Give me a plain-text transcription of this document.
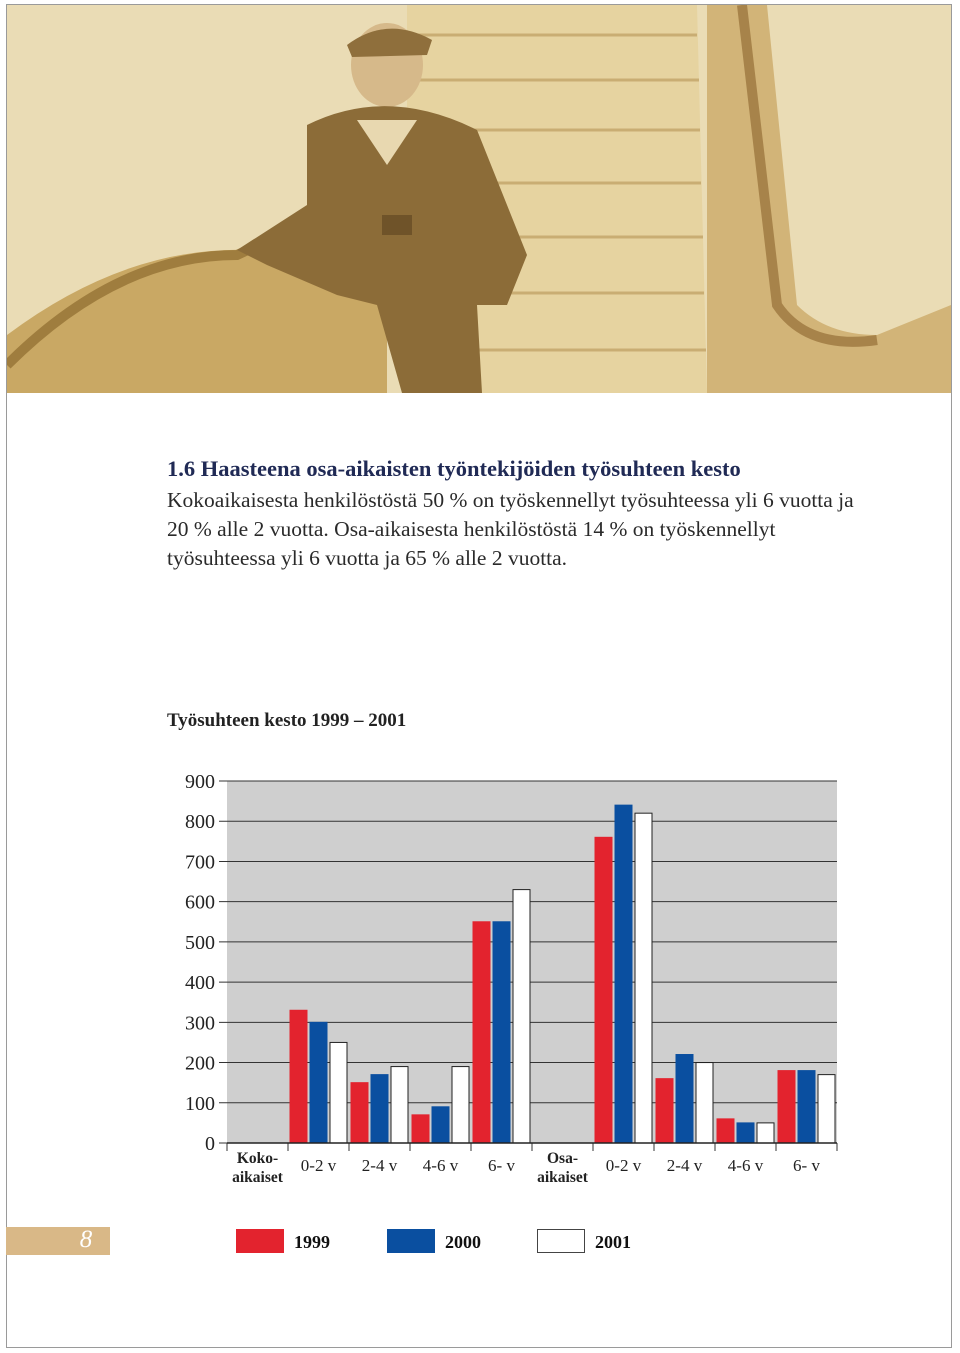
1.6 Haasteena osa-aikaisten työntekijöiden työsuhteen kesto

Kokoaikaisesta henkilöstöstä 50 % on työskennellyt työsuhteessa yli 6 vuotta ja 20 % alle 2 vuotta. Osa-aikaisesta henkilöstöstä 14 % on työskennellyt työsuhteessa yli 6 vuotta ja 65 % alle 2 vuotta.

Työsuhteen kesto 1999 – 2001
0
100
200
300
400
500
600
700
800
900
Koko-
aikaiset
0-2 v 2-4 v 4-6 v 6- v Osa-
aikaiset
0-2 v 2-4 v 4-6 v 6- v
8	1999	2000	2001
